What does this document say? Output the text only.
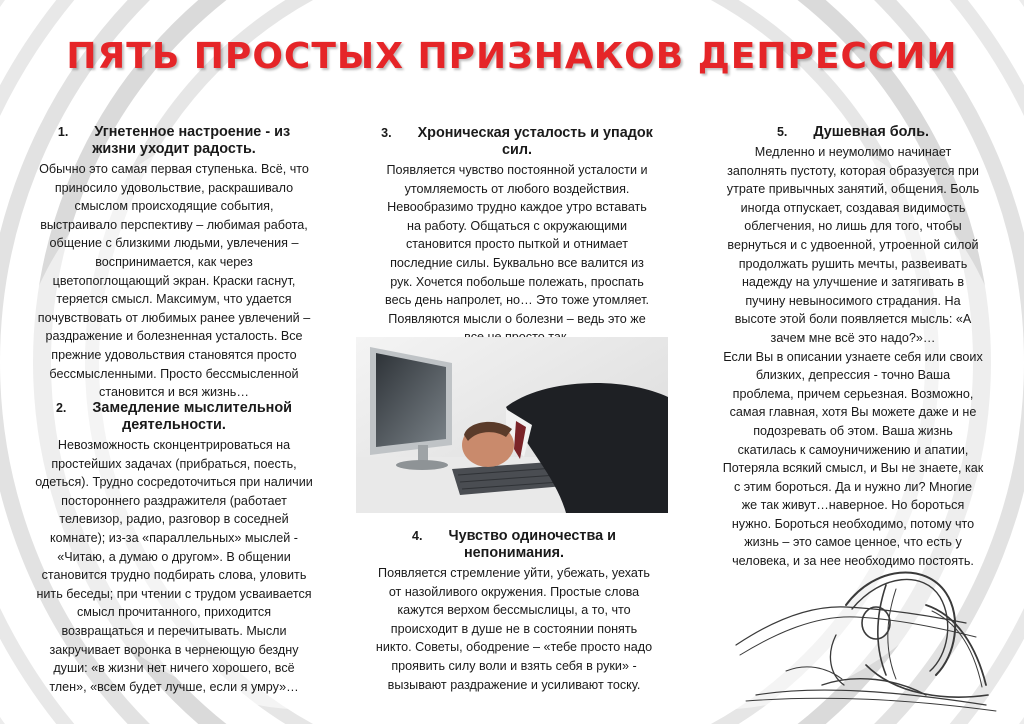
ПЯТЬ ПРОСТЫХ ПРИЗНАКОВ ДЕПРЕССИИ
1. Угнетенное настроение - из
жизни уходит радость.

Обычно это самая первая ступенька. Всё, что

приносило удовольствие, раскрашивало

смыслом происходящие события,

выстраивало перспективу – любимая работа,

общение с близкими людьми, увлечения –

воспринимается, как через

цветопоглощающий экран. Краски гаснут,

теряется смысл. Максимум, что удается

почувствовать от любимых ранее увлечений –

раздражение и болезненная усталость. Все

прежние удовольствия становятся просто

бессмысленными. Просто бессмысленной

становится и вся жизнь…

2. Замедление мыслительной
деятельности.

Невозможность сконцентрироваться на

простейших задачах (прибраться, поесть,

одеться). Трудно сосредоточиться при наличии

постороннего раздражителя (работает

телевизор, радио, разговор в соседней

комнате); из-за «параллельных» мыслей -

«Читаю, а думаю о другом». В общении

становится трудно подбирать слова, уловить

нить беседы; при чтении с трудом усваивается

смысл прочитанного, приходится

возвращаться и перечитывать. Мысли

закручивает воронка в чернеющую бездну

души: «в жизни нет ничего хорошего, всё

тлен», «всем будет лучше, если я умру»…

3. Хроническая усталость и упадок
сил.

Появляется чувство постоянной усталости и

утомляемость от любого воздействия.

Невообразимо трудно каждое утро вставать

на работу. Общаться с окружающими

становится просто пыткой и отнимает

последние силы. Буквально все валится из

рук. Хочется побольше полежать, проспать

весь день напролет, но… Это тоже утомляет.

Появляются мысли о болезни – ведь это же

4. Чувство одиночества и
непонимания.

Появляется стремление уйти, убежать, уехать

от назойливого окружения. Простые слова

кажутся верхом бессмыслицы, а то, что

происходит в душе не в состоянии понять

никто. Советы, ободрение – «тебе просто надо

проявить силу воли и взять себя в руки» -

вызывают раздражение и усиливают тоску.

5. Душевная боль.

Медленно и неумолимо начинает

заполнять пустоту, которая образуется при

утрате привычных занятий, общения. Боль

иногда отпускает, создавая видимость

облегчения, но лишь для того, чтобы

вернуться и с удвоенной, утроенной силой

продолжать рушить мечты, развеивать

надежду на улучшение и затягивать в

пучину невыносимого страдания. На

высоте этой боли появляется мысль: «А

зачем мне всё это надо?»…

Если Вы в описании узнаете себя или своих

близких, депрессия - точно Ваша

проблема, причем серьезная. Возможно,

самая главная, хотя Вы можете даже и не

подозревать об этом. Ваша жизнь

скатилась к самоуничижению и апатии,

Потеряла всякий смысл, и Вы не знаете, как

с этим бороться. Да и нужно ли? Многие

же так живут…наверное. Но бороться

нужно. Бороться необходимо, потому что

жизнь – это самое ценное, что есть у

человека, и за нее необходимо постоять.
